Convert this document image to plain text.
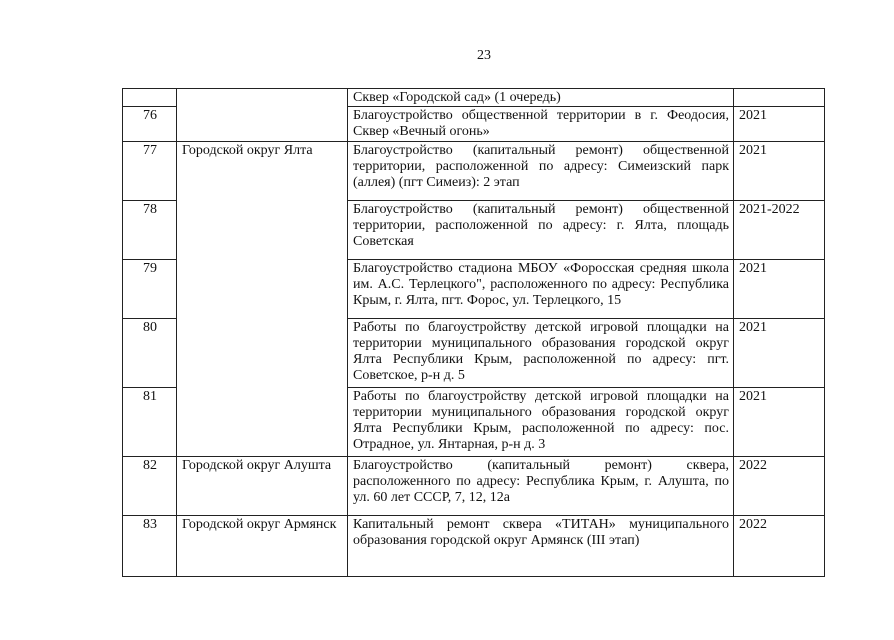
23
		Сквер «Городской сад» (1 очередь)	
76		Благоустройство общественной территории в г. Феодосия, Сквер «Вечный огонь»	2021
77	Городской округ Ялта	Благоустройство (капитальный ремонт) общественной территории, расположенной по адресу: Симеизский парк (аллея) (пгт Симеиз): 2 этап	2021
78		Благоустройство (капитальный ремонт) общественной территории, расположенной по адресу: г. Ялта, площадь Советская	2021-2022
79		Благоустройство стадиона МБОУ «Форосская средняя школа им. А.С. Терлецкого", расположенного по адресу: Республика Крым, г. Ялта, пгт. Форос, ул. Терлецкого, 15	2021
80		Работы по благоустройству детской игровой площадки на территории муниципального образования городской округ Ялта Республики Крым, расположенной по адресу: пгт. Советское, р-н д. 5	2021
81		Работы по благоустройству детской игровой площадки на территории муниципального образования городской округ Ялта Республики Крым, расположенной по адресу: пос. Отрадное, ул. Янтарная, р-н д. 3	2021
82	Городской округ Алушта	Благоустройство (капитальный ремонт) сквера, расположенного по адресу: Республика Крым, г. Алушта, по ул. 60 лет СССР, 7, 12, 12а	2022
83	Городской округ Армянск	Капитальный ремонт сквера «ТИТАН» муниципального образования городской округ Армянск (III этап)	2022
